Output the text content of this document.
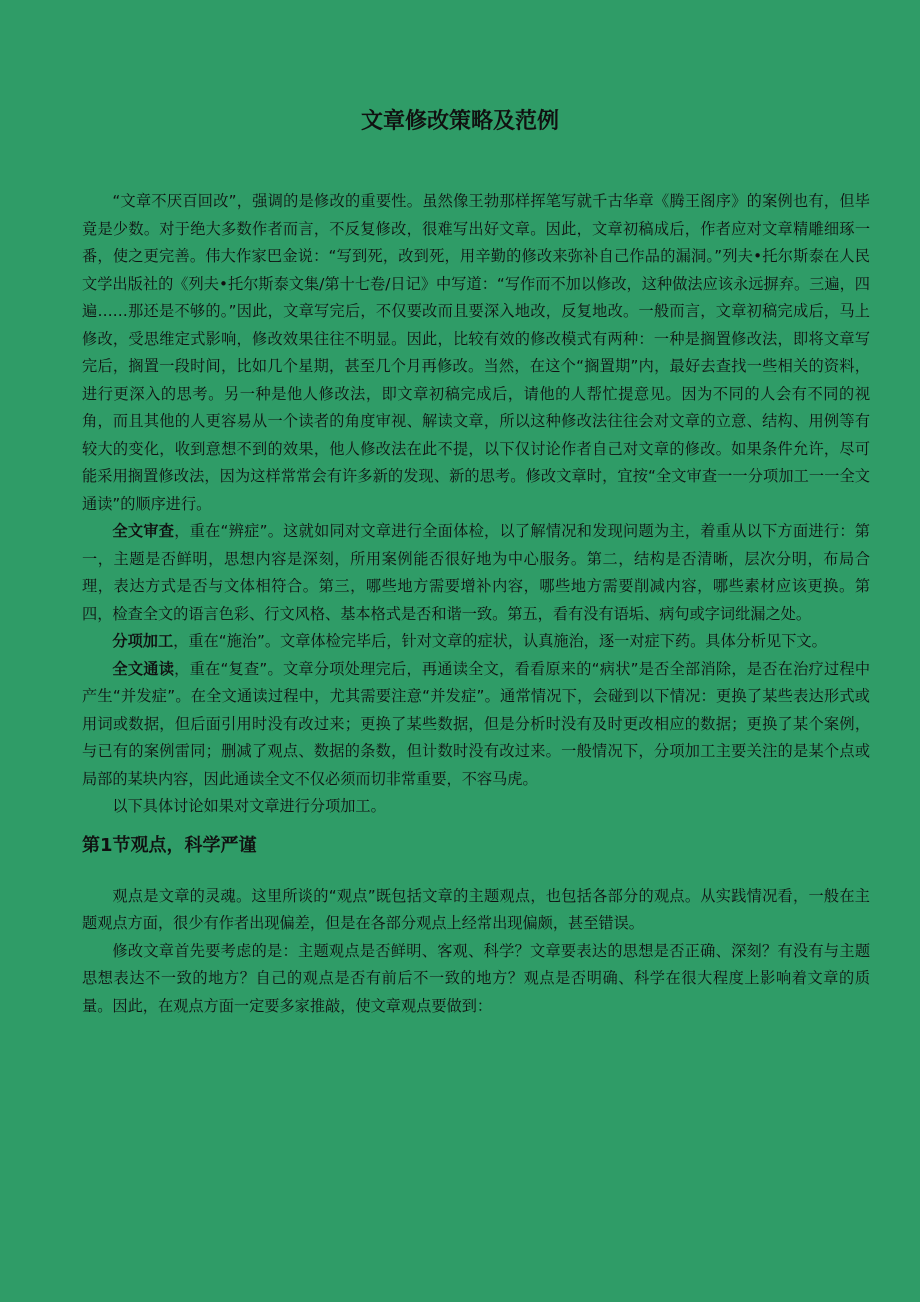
文章修改策略及范例

“文章不厌百回改”，强调的是修改的重要性。虽然像王勃那样挥笔写就千古华章《腾王阁序》的案例也有，但毕竟是少数。对于绝大多数作者而言，不反复修改，很难写出好文章。因此，文章初稿成后，作者应对文章精雕细琢一番，使之更完善。伟大作家巴金说：“写到死，改到死，用辛勤的修改来弥补自己作品的漏洞。”列夫•托尔斯泰在人民文学出版社的《列夫•托尔斯泰文集/第十七卷/日记》中写道：“写作而不加以修改，这种做法应该永远摒弃。三遍，四遍……那还是不够的。”因此，文章写完后，不仅要改而且要深入地改，反复地改。一般而言，文章初稿完成后，马上修改，受思维定式影响，修改效果往往不明显。因此，比较有效的修改模式有两种：一种是搁置修改法，即将文章写完后，搁置一段时间，比如几个星期，甚至几个月再修改。当然，在这个“搁置期”内，最好去查找一些相关的资料，进行更深入的思考。另一种是他人修改法，即文章初稿完成后，请他的人帮忙提意见。因为不同的人会有不同的视角，而且其他的人更容易从一个读者的角度审视、解读文章，所以这种修改法往往会对文章的立意、结构、用例等有较大的变化，收到意想不到的效果，他人修改法在此不提，以下仅讨论作者自己对文章的修改。如果条件允许，尽可能采用搁置修改法，因为这样常常会有许多新的发现、新的思考。修改文章时，宜按“全文审查一一分项加工一一全文通读”的顺序进行。

全文审查，重在“辨症”。这就如同对文章进行全面体检，以了解情况和发现问题为主，着重从以下方面进行：第一，主题是否鲜明，思想内容是深刻，所用案例能否很好地为中心服务。第二，结构是否清晰，层次分明，布局合理，表达方式是否与文体相符合。第三，哪些地方需要增补内容，哪些地方需要削减内容，哪些素材应该更换。第四，检查全文的语言色彩、行文风格、基本格式是否和谐一致。第五，看有没有语垢、病句或字词纰漏之处。

分项加工，重在“施治”。文章体检完毕后，针对文章的症状，认真施治，逐一对症下药。具体分析见下文。

全文通读，重在“复查”。文章分项处理完后，再通读全文，看看原来的“病状”是否全部消除，是否在治疗过程中产生“并发症”。在全文通读过程中，尤其需要注意“并发症”。通常情况下，会碰到以下情况：更换了某些表达形式或用词或数据，但后面引用时没有改过来；更换了某些数据，但是分析时没有及时更改相应的数据；更换了某个案例，与已有的案例雷同；删减了观点、数据的条数，但计数时没有改过来。一般情况下，分项加工主要关注的是某个点或局部的某块内容，因此通读全文不仅必须而切非常重要，不容马虎。

以下具体讨论如果对文章进行分项加工。

第1节观点，科学严谨

观点是文章的灵魂。这里所谈的“观点”既包括文章的主题观点，也包括各部分的观点。从实践情况看，一般在主题观点方面，很少有作者出现偏差，但是在各部分观点上经常出现偏颇，甚至错误。

修改文章首先要考虑的是：主题观点是否鲜明、客观、科学？文章要表达的思想是否正确、深刻？有没有与主题思想表达不一致的地方？自己的观点是否有前后不一致的地方？观点是否明确、科学在很大程度上影响着文章的质量。因此，在观点方面一定要多家推敲，使文章观点要做到：
